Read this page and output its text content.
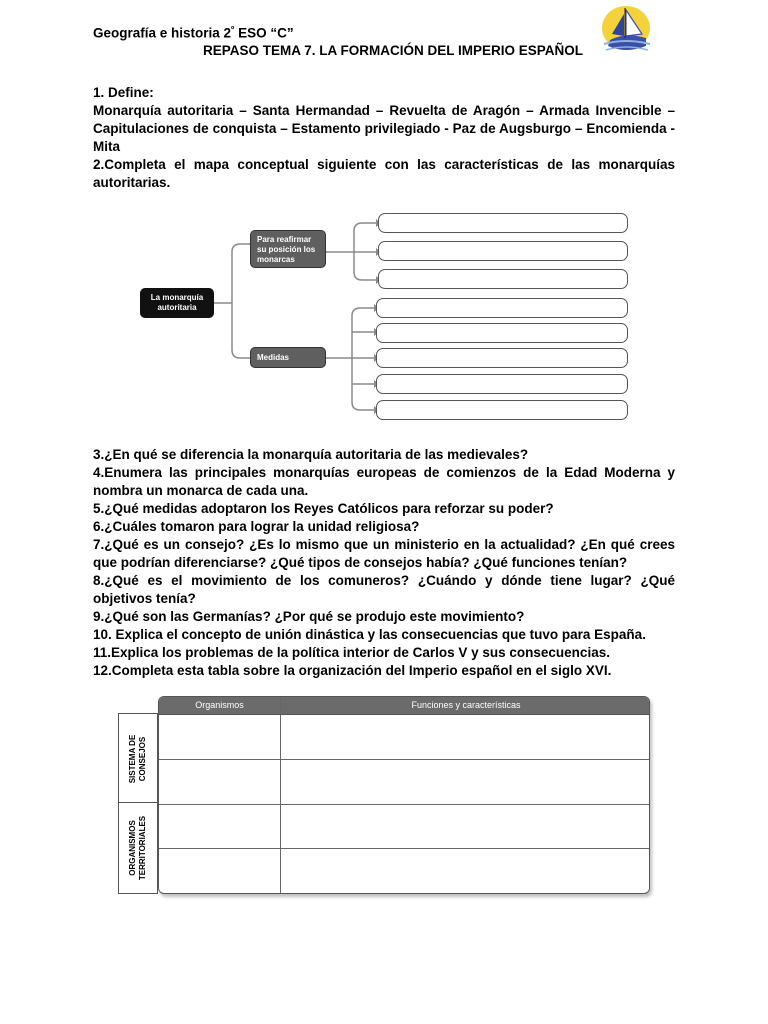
Geografía e historia $2^º$ ESO “C”
REPASO TEMA 7. LA FORMACIÓN DEL IMPERIO ESPAÑOL

1. Define:

Monarquía autoritaria – Santa Hermandad – Revuelta de Aragón – Armada Invencible – Capitulaciones de conquista – Estamento privilegiado - Paz de Augsburgo – Encomienda - Mita

2.Completa el mapa conceptual siguiente con las características de las monarquías autoritarias.

La monarquía autoritaria
Para reafirmar su posición los monarcas
Medidas

3.¿En qué se diferencia la monarquía autoritaria de las medievales?

4.Enumera las principales monarquías europeas de comienzos de la Edad Moderna y nombra un monarca de cada una.

5.¿Qué medidas adoptaron los Reyes Católicos para reforzar su poder?

6.¿Cuáles tomaron para lograr la unidad religiosa?

7.¿Qué es un consejo? ¿Es lo mismo que un ministerio en la actualidad? ¿En qué crees que podrían diferenciarse? ¿Qué tipos de consejos había? ¿Qué funciones tenían?

8.¿Qué es el movimiento de los comuneros? ¿Cuándo y dónde tiene lugar? ¿Qué objetivos tenía?

9.¿Qué son las Germanías? ¿Por qué se produjo este movimiento?

10. Explica el concepto de unión dinástica y las consecuencias que tuvo para España.

11.Explica los problemas de la política interior de Carlos V y sus consecuencias.

12.Completa esta tabla sobre la organización del Imperio español en el siglo XVI.

SISTEMA DE CONSEJOS
ORGANISMOS TERRITORIALES
Organismos	Funciones y características
